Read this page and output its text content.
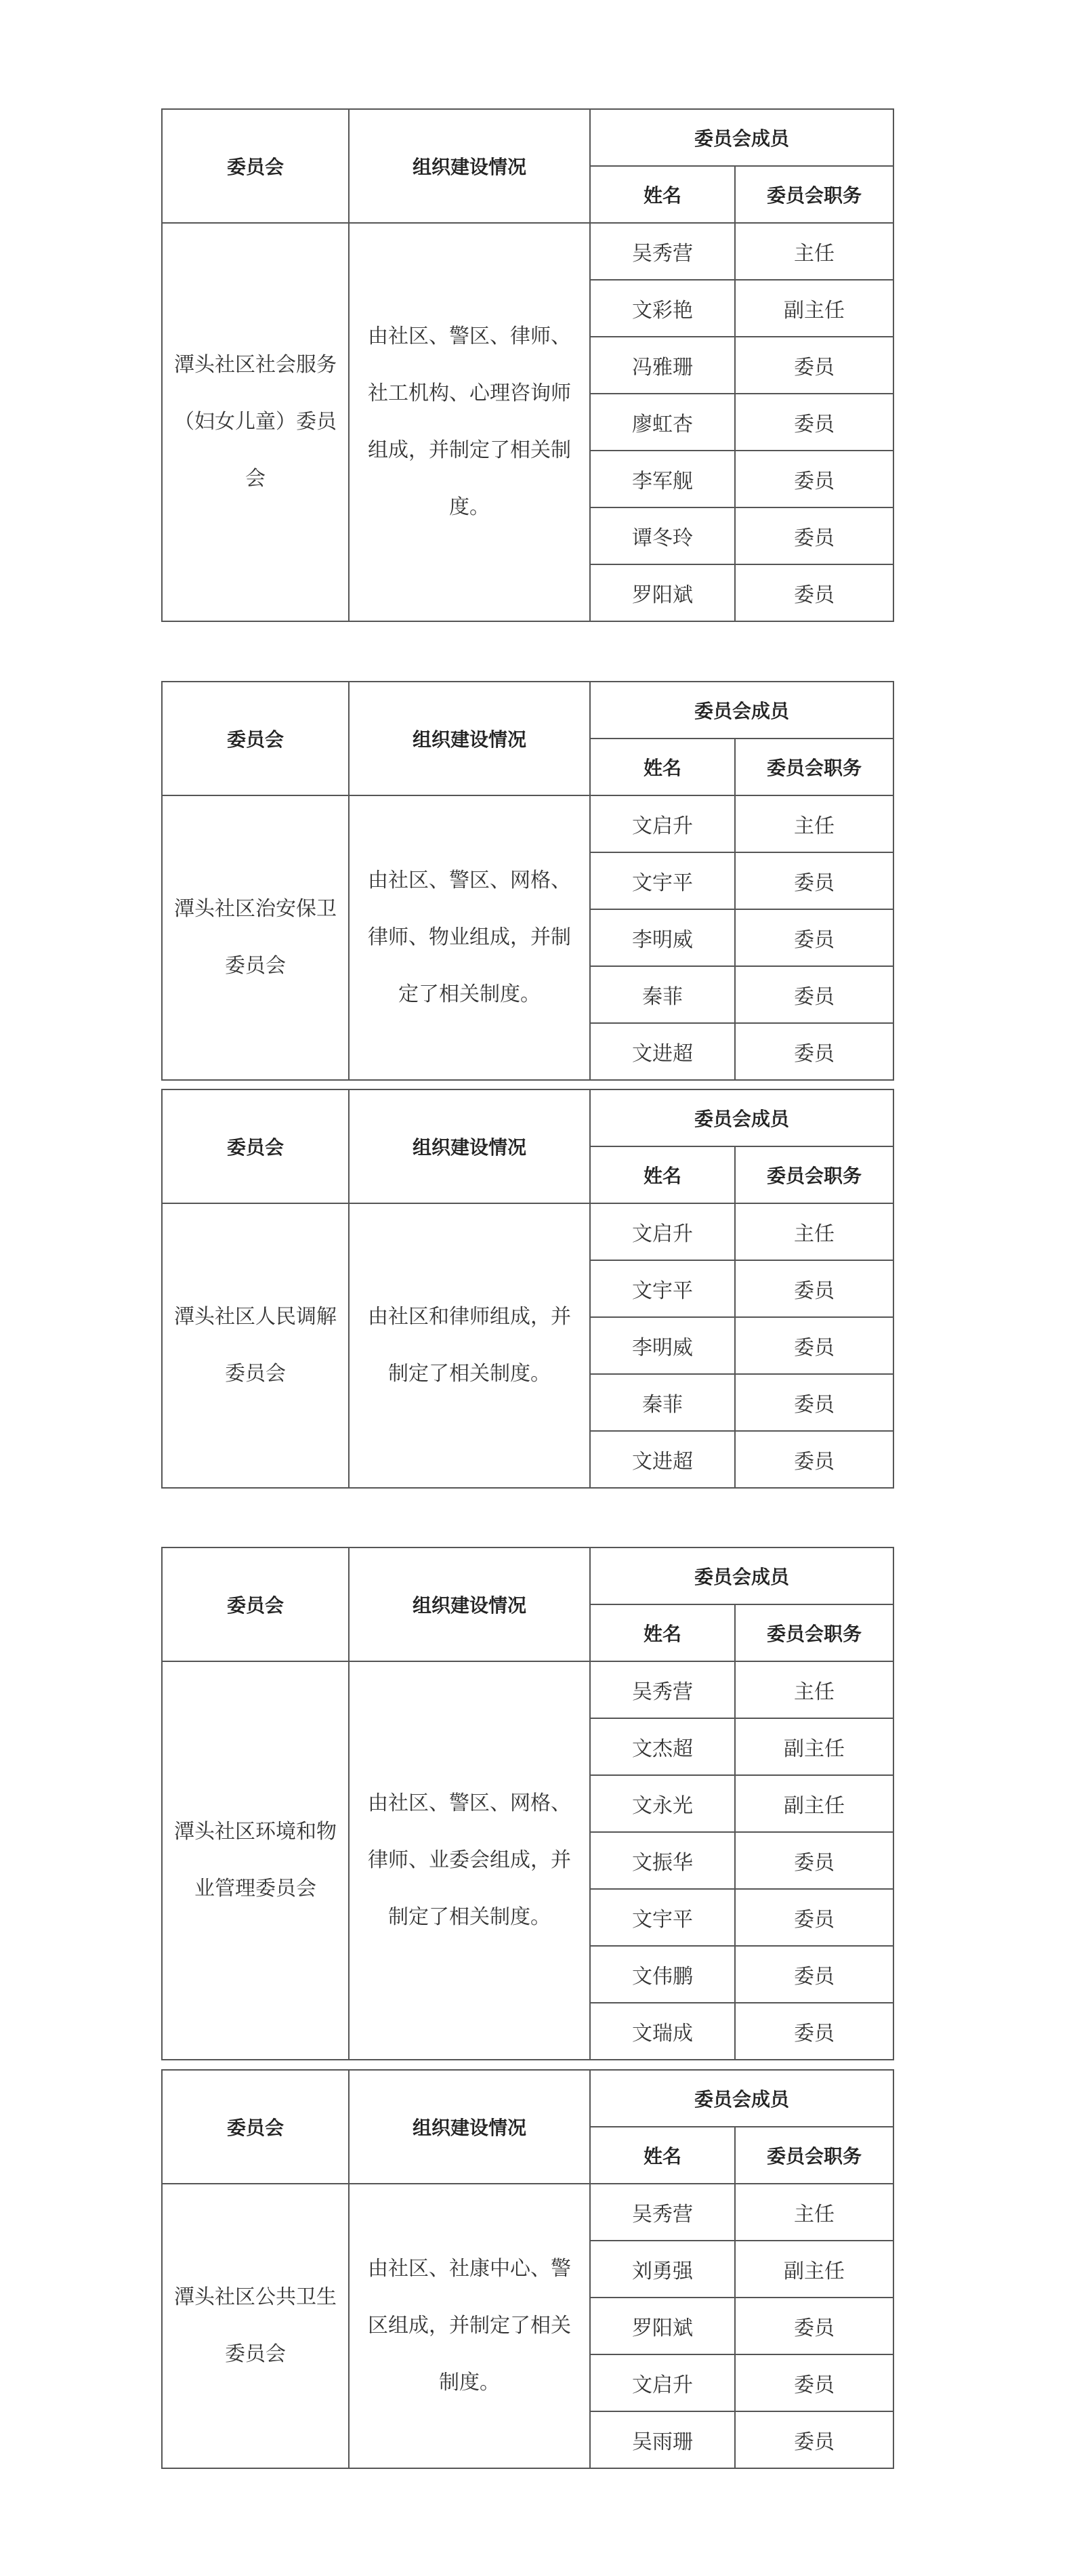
委员会	组织建设情况	委员会成员	
		姓名	委员会职务
潭头社区社会服务（妇女儿童）委员会	由社区、警区、律师、社工机构、心理咨询师组成，并制定了相关制度。	吴秀营	主任
		文彩艳	副主任
		冯雅珊	委员
		廖虹杏	委员
		李军舰	委员
		谭冬玲	委员
		罗阳斌	委员
委员会	组织建设情况	委员会成员	
		姓名	委员会职务
潭头社区治安保卫委员会	由社区、警区、网格、律师、物业组成，并制定了相关制度。	文启升	主任
		文宇平	委员
		李明威	委员
		秦菲	委员
		文进超	委员
委员会	组织建设情况	委员会成员	
		姓名	委员会职务
潭头社区人民调解委员会	由社区和律师组成，并制定了相关制度。	文启升	主任
		文宇平	委员
		李明威	委员
		秦菲	委员
		文进超	委员
委员会	组织建设情况	委员会成员	
		姓名	委员会职务
潭头社区环境和物业管理委员会	由社区、警区、网格、律师、业委会组成，并制定了相关制度。	吴秀营	主任
		文杰超	副主任
		文永光	副主任
		文振华	委员
		文宇平	委员
		文伟鹏	委员
		文瑞成	委员
委员会	组织建设情况	委员会成员	
		姓名	委员会职务
潭头社区公共卫生委员会	由社区、社康中心、警区组成，并制定了相关制度。	吴秀营	主任
		刘勇强	副主任
		罗阳斌	委员
		文启升	委员
		吴雨珊	委员
